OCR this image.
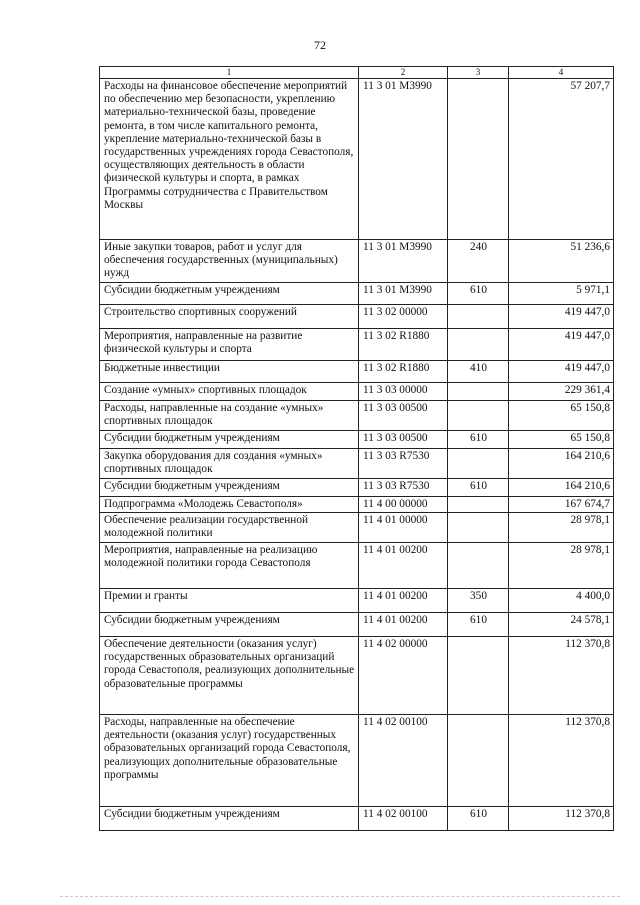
72
1	2	3	4
Расходы на финансовое обеспечение мероприятий по обеспечению мер безопасности, укреплению материально-технической базы, проведение ремонта, в том числе капитального ремонта, укрепление материально-технической базы в государственных учреждениях города Севастополя, осуществляющих деятельность в области физической культуры и спорта, в рамках Программы сотрудничества с Правительством Москвы	11 3 01 M3990		57 207,7
Иные закупки товаров, работ и услуг для обеспечения государственных (муниципальных) нужд	11 3 01 M3990	240	51 236,6
Субсидии бюджетным учреждениям	11 3 01 M3990	610	5 971,1
Строительство спортивных сооружений	11 3 02 00000		419 447,0
Мероприятия, направленные на развитие физической культуры и спорта	11 3 02 R1880		419 447,0
Бюджетные инвестиции	11 3 02 R1880	410	419 447,0
Создание «умных» спортивных площадок	11 3 03 00000		229 361,4
Расходы, направленные на создание «умных» спортивных площадок	11 3 03 00500		65 150,8
Субсидии бюджетным учреждениям	11 3 03 00500	610	65 150,8
Закупка оборудования для создания «умных» спортивных площадок	11 3 03 R7530		164 210,6
Субсидии бюджетным учреждениям	11 3 03 R7530	610	164 210,6
Подпрограмма «Молодежь Севастополя»	11 4 00 00000		167 674,7
Обеспечение реализации государственной молодежной политики	11 4 01 00000		28 978,1
Мероприятия, направленные на реализацию молодежной политики города Севастополя	11 4 01 00200		28 978,1
Премии и гранты	11 4 01 00200	350	4 400,0
Субсидии бюджетным учреждениям	11 4 01 00200	610	24 578,1
Обеспечение деятельности (оказания услуг) государственных образовательных организаций города Севастополя, реализующих дополнительные образовательные программы	11 4 02 00000		112 370,8
Расходы, направленные на обеспечение деятельности (оказания услуг) государственных образовательных организаций города Севастополя, реализующих дополнительные образовательные программы	11 4 02 00100		112 370,8
Субсидии бюджетным учреждениям	11 4 02 00100	610	112 370,8
